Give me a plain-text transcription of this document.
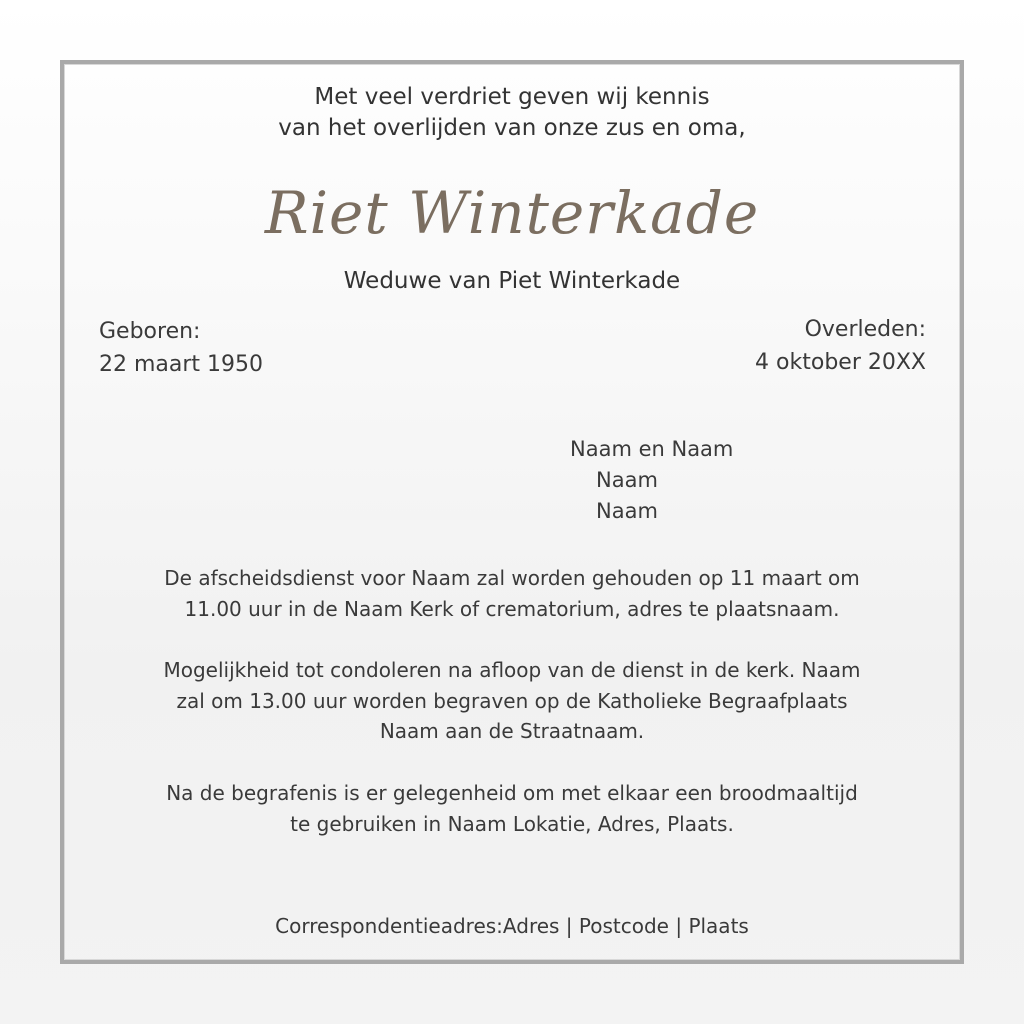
Met veel verdriet geven wij kennis
van het overlijden van onze zus en oma,
Riet Winterkade
Weduwe van Piet Winterkade
Geboren:
22 maart 1950
Overleden:
4 oktober 20XX
Naam en Naam
Naam
Naam
De afscheidsdienst voor Naam zal worden gehouden op 11 maart om
11.00 uur in de Naam Kerk of crematorium, adres te plaatsnaam.
Mogelijkheid tot condoleren na afloop van de dienst in de kerk. Naam
zal om 13.00 uur worden begraven op de Katholieke Begraafplaats
Naam aan de Straatnaam.
Na de begrafenis is er gelegenheid om met elkaar een broodmaaltijd
te gebruiken in Naam Lokatie, Adres, Plaats.
Correspondentieadres:Adres | Postcode | Plaats
